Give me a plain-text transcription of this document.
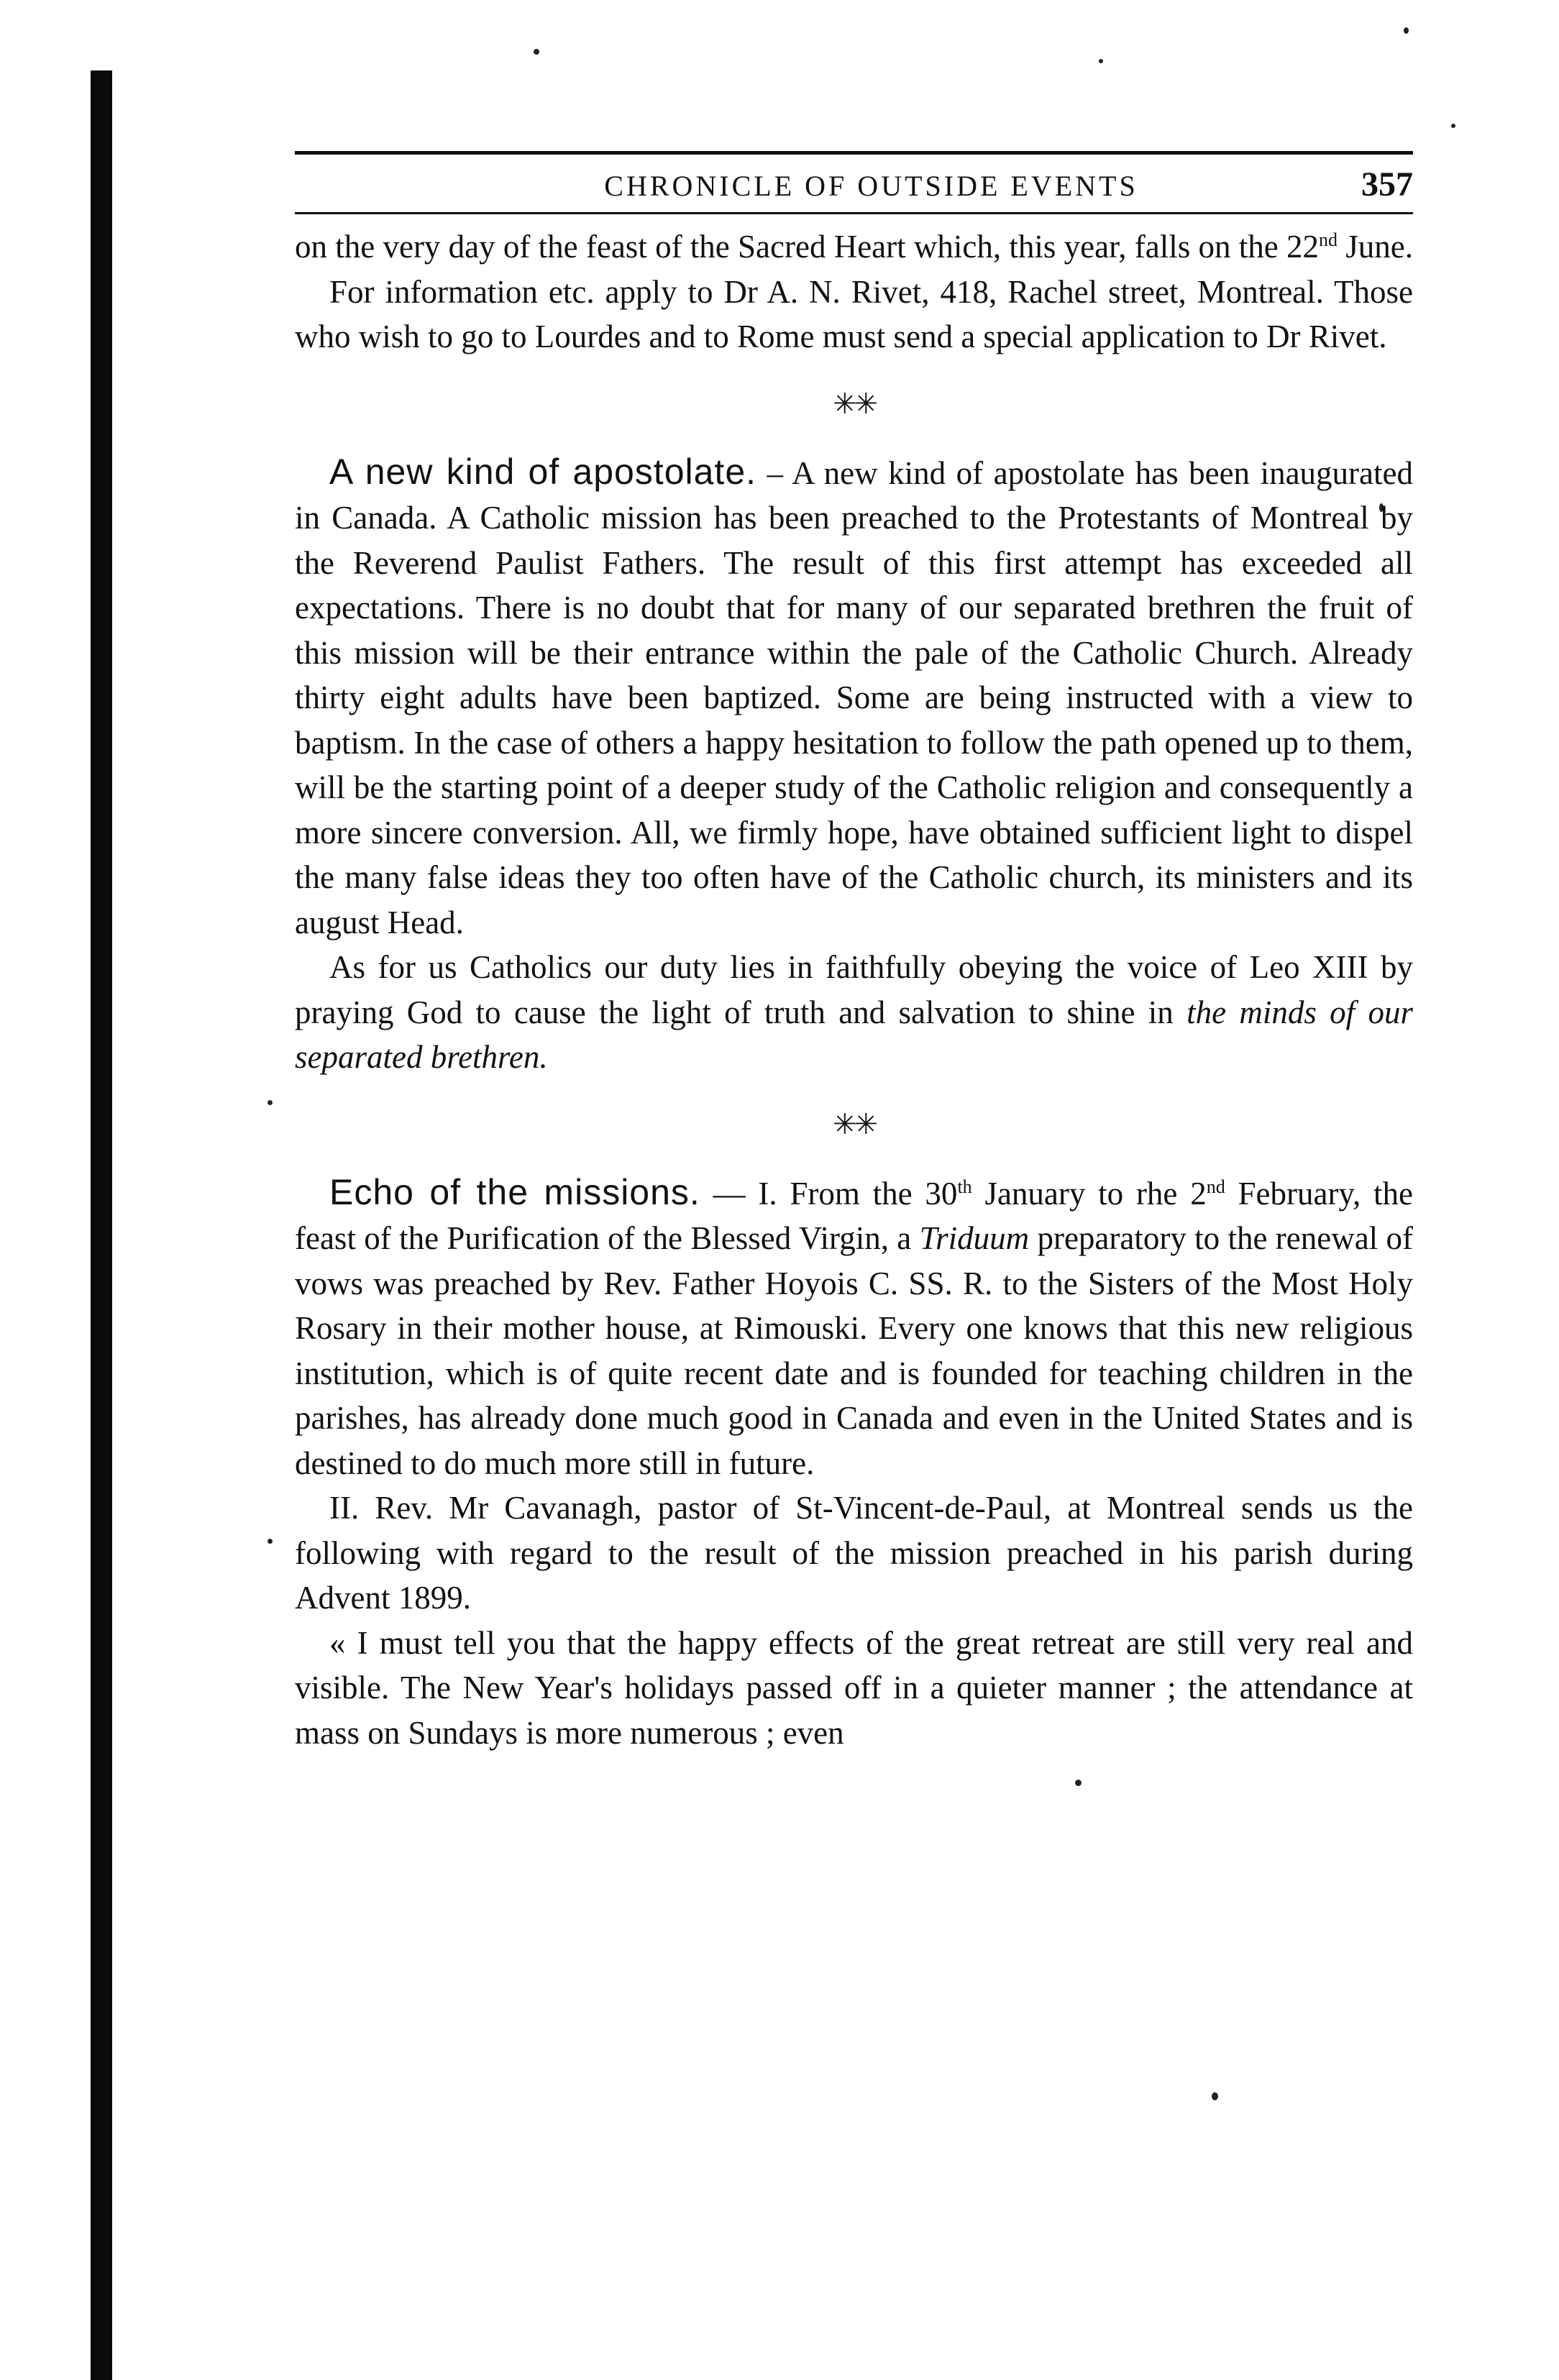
CHRONICLE OF OUTSIDE EVENTS	357

on the very day of the feast of the Sacred Heart which, this year, falls on the 22nd June.

For information etc. apply to Dr A. N. Rivet, 418, Rachel street, Montreal. Those who wish to go to Lourdes and to Rome must send a special application to Dr Rivet.

✳✳

A new kind of apostolate. – A new kind of apostolate has been inaugurated in Canada. A Catholic mission has been preached to the Protestants of Montreal by the Reverend Paulist Fathers. The result of this first attempt has exceeded all expectations. There is no doubt that for many of our separated brethren the fruit of this mission will be their entrance within the pale of the Catholic Church. Already thirty eight adults have been baptized. Some are being instructed with a view to baptism. In the case of others a happy hesitation to follow the path opened up to them, will be the starting point of a deeper study of the Catholic religion and consequently a more sincere conversion. All, we firmly hope, have obtained sufficient light to dispel the many false ideas they too often have of the Catholic church, its ministers and its august Head.

As for us Catholics our duty lies in faithfully obeying the voice of Leo XIII by praying God to cause the light of truth and salvation to shine in the minds of our separated brethren.

✳✳

Echo of the missions. — I. From the 30th January to rhe 2nd February, the feast of the Purification of the Blessed Virgin, a Triduum preparatory to the renewal of vows was preached by Rev. Father Hoyois C. SS. R. to the Sisters of the Most Holy Rosary in their mother house, at Rimouski. Every one knows that this new religious institution, which is of quite recent date and is founded for teaching children in the parishes, has already done much good in Canada and even in the United States and is destined to do much more still in future.

II. Rev. Mr Cavanagh, pastor of St-Vincent-de-Paul, at Montreal sends us the following with regard to the result of the mission preached in his parish during Advent 1899.

« I must tell you that the happy effects of the great retreat are still very real and visible. The New Year's holidays passed off in a quieter manner ; the attendance at mass on Sundays is more numerous ; even
